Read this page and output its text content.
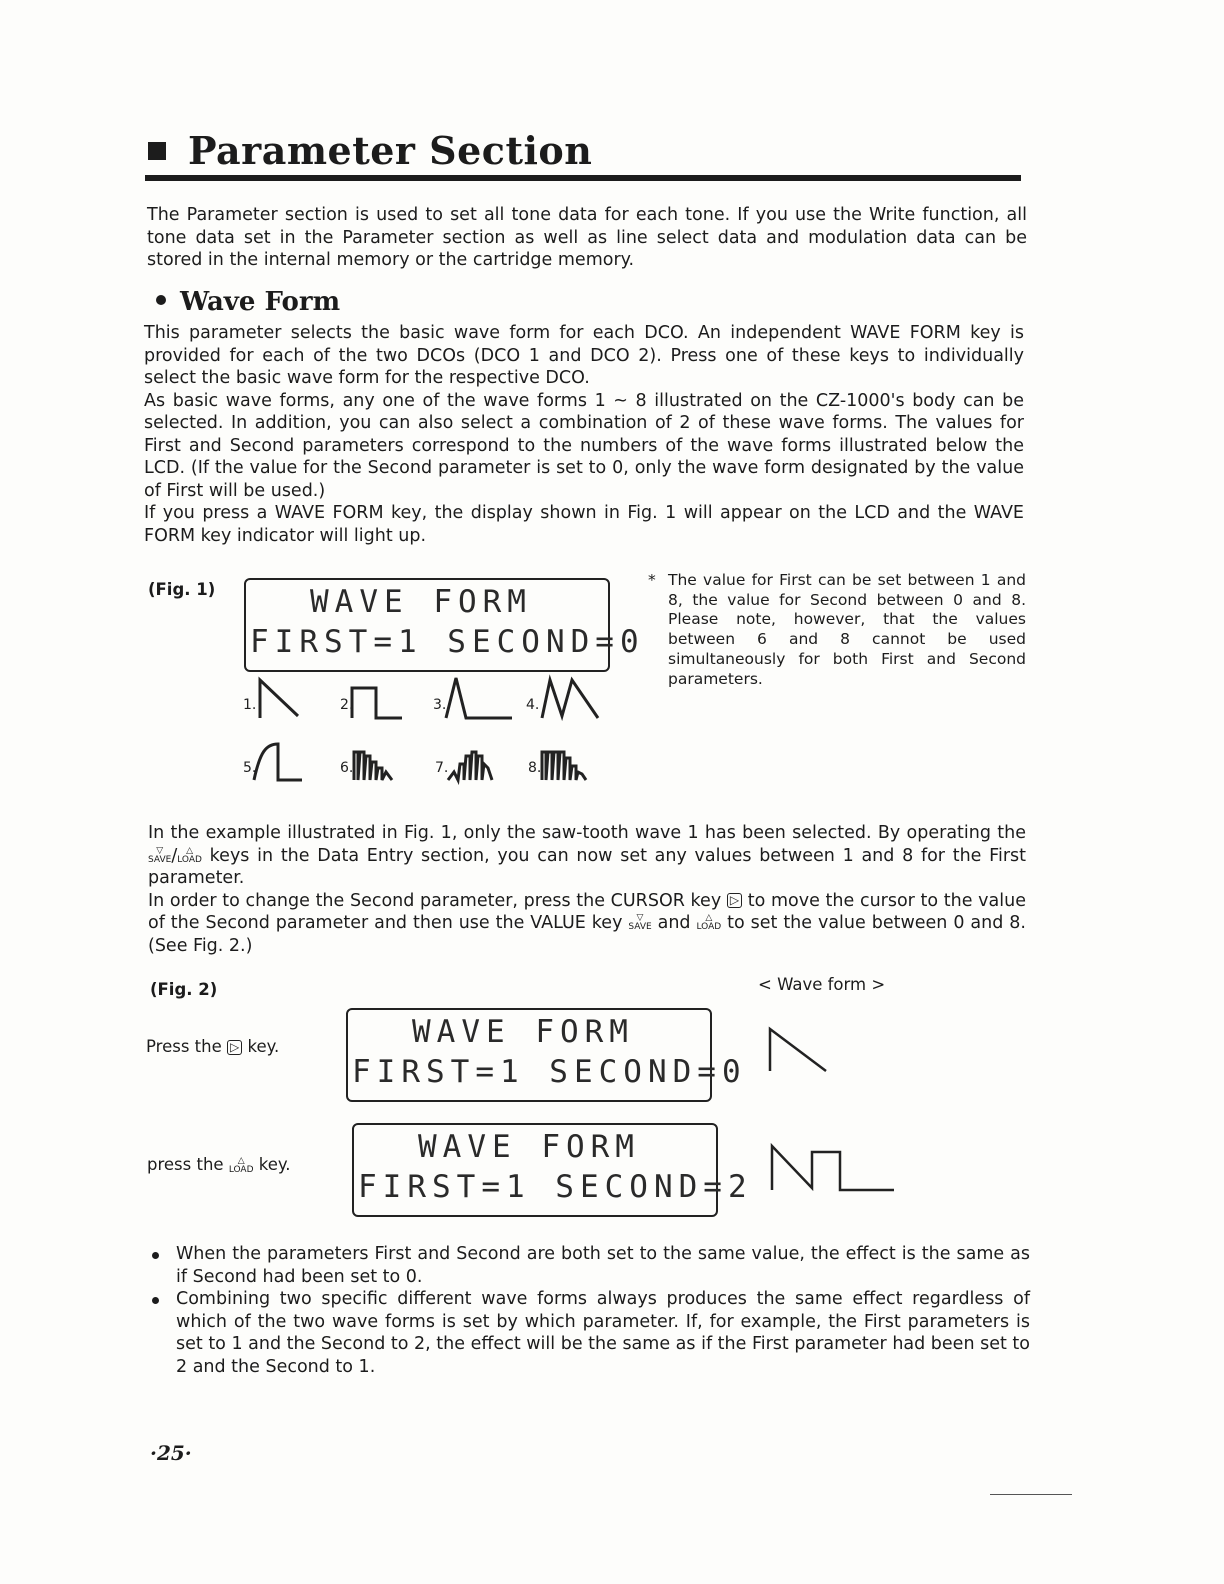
Parameter Section
The Parameter section is used to set all tone data for each tone. If you use the Write function, all tone data set in the Parameter section as well as line select data and modulation data can be stored in the internal memory or the cartridge memory.
Wave Form
This parameter selects the basic wave form for each DCO. An independent WAVE FORM key is provided for each of the two DCOs (DCO 1 and DCO 2). Press one of these keys to individually select the basic wave form for the respective DCO.
As basic wave forms, any one of the wave forms 1 ~ 8 illustrated on the CZ-1000's body can be selected. In addition, you can also select a combination of 2 of these wave forms. The values for First and Second parameters correspond to the numbers of the wave forms illustrated below the LCD. (If the value for the Second parameter is set to 0, only the wave form designated by the value of First will be used.)
If you press a WAVE FORM key, the display shown in Fig. 1 will appear on the LCD and the WAVE FORM key indicator will light up.
(Fig. 1)	WAVE FORM
FIRST=1 SECOND=0
1.	2.	3.	4.
5.	6.	7.	8.
* The value for First can be set between 1 and 8, the value for Second between 0 and 8. Please note, however, that the values between 6 and 8 cannot be used simultaneously for both First and Second parameters.
In the example illustrated in Fig. 1, only the saw-tooth wave 1 has been selected. By operating the ▽
SAVE/ △
LOAD keys in the Data Entry section, you can now set any values between 1 and 8 for the First parameter.
In order to change the Second parameter, press the CURSOR key ▷ to move the cursor to the value of the Second parameter and then use the VALUE key ▽
SAVE and △
LOAD to set the value between 0 and 8. (See Fig. 2.)
(Fig. 2)	< Wave form >
Press the ▷ key.	WAVE FORM
FIRST=1 SECOND=0
press the △
LOAD key.	WAVE FORM
FIRST=1 SECOND=2
When the parameters First and Second are both set to the same value, the effect is the same as if Second had been set to 0.
Combining two specific different wave forms always produces the same effect regardless of which of the two wave forms is set by which parameter. If, for example, the First parameters is set to 1 and the Second to 2, the effect will be the same as if the First parameter had been set to 2 and the Second to 1.
·25·
